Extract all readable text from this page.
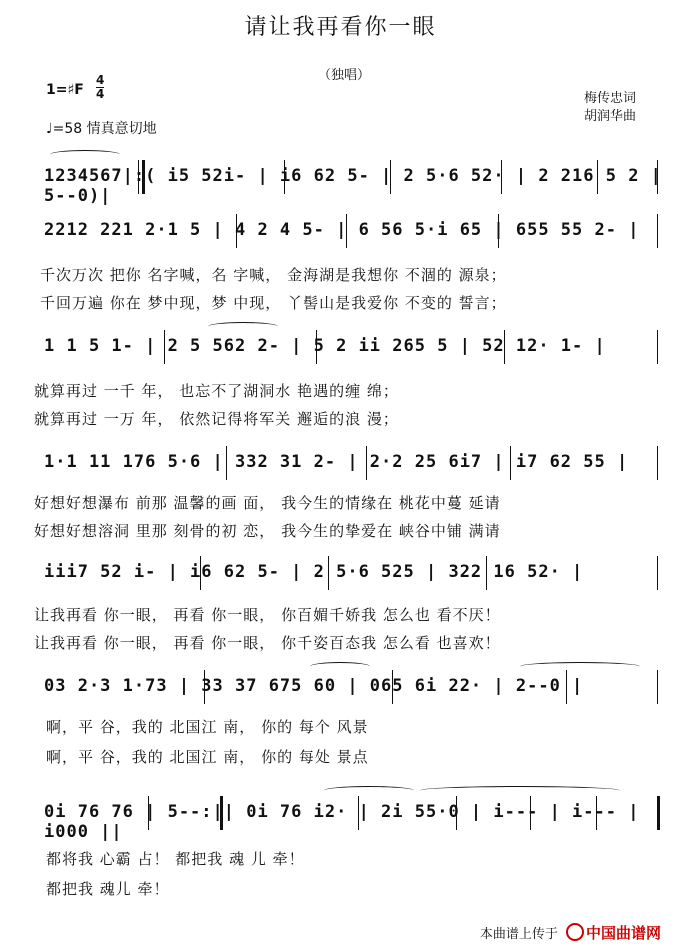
请让我再看你一眼
（独唱）
1=♯F
4
4
♩=58 情真意切地
梅传忠词
胡润华曲
1234567|:( i5 52i- | i6 62 5- | 2 5·6 52· | 2 216 5 2 | 5--0)|
2212 221 2·1 5 | 4 2 4 5- | 6 56 5·i 65 | 655 55 2- |
千次万次 把你 名字喊，名 字喊， 金海湖是我想你 不涸的 源泉；
千回万遍 你在 梦中现，梦 中现， 丫髻山是我爱你 不变的 誓言；
1 1 5 1- | 2 5 562 2- | 5 2 ii 265 5 | 52 12· 1- |
就算再过 一千 年， 也忘不了湖洞水 艳遇的缠 绵；
就算再过 一万 年， 依然记得将军关 邂逅的浪 漫；
1·1 11 176 5·6 | 332 31 2- | 2·2 25 6i7 | i7 62 55 |
好想好想瀑布 前那 温馨的画 面， 我今生的情缘在 桃花中蔓 延请
好想好想溶洞 里那 刻骨的初 恋， 我今生的挚爱在 峡谷中铺 满请
iii7 52 i- | i6 62 5- | 2 5·6 525 | 322 16 52· |
让我再看 你一眼， 再看 你一眼， 你百媚千娇我 怎么也 看不厌！
让我再看 你一眼， 再看 你一眼， 你千姿百态我 怎么看 也喜欢！
03 2·3 1·73 | 33 37 675 60 | 065 6i 22· | 2--0 |
啊，平 谷，我的 北国江 南， 你的 每个 风景
啊，平 谷，我的 北国江 南， 你的 每处 景点
0i 76 76 | 5--:|| 0i 76 i2· | 2i 55·0 | i--- | i--- | i000 ||
都将我 心霸 占！ 都把我 魂 儿 牵！
都把我 魂儿 牵！
本曲谱上传于 中国曲谱网
